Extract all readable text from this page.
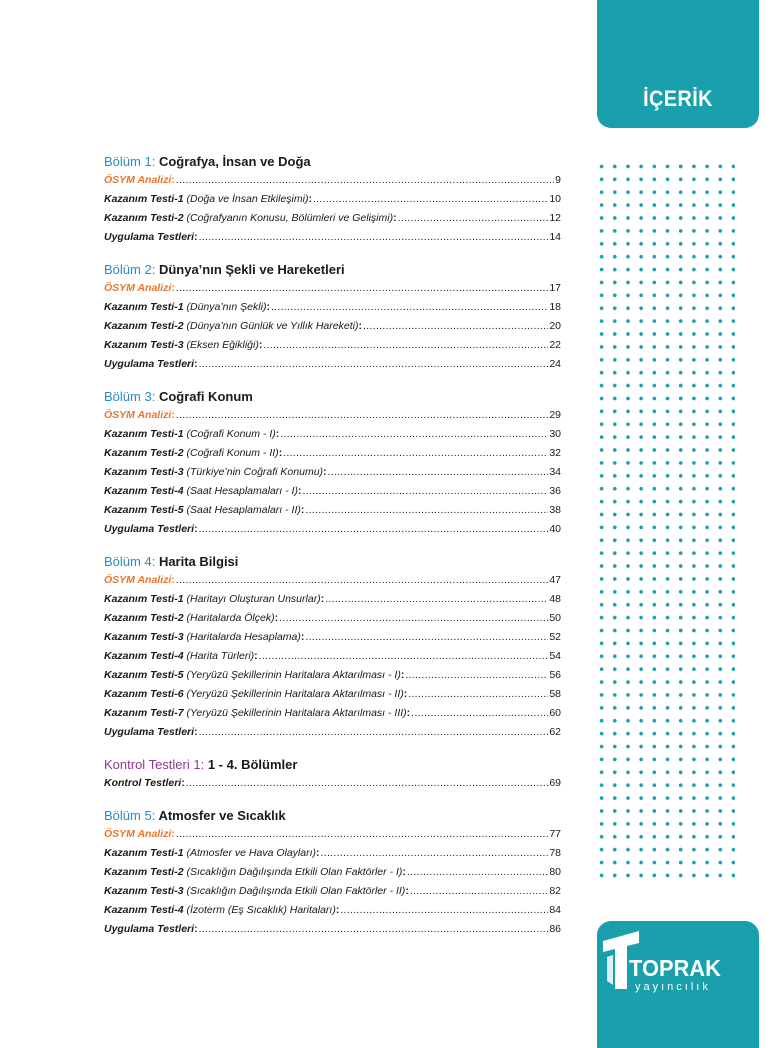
İÇERİK
TOPRAK
yayıncılık
Bölüm 1: Coğrafya, İnsan ve Doğa
ÖSYM Analizi : .....	9
Kazanım Testi-1
(Doğa ve İnsan Etkileşimi) : .....	10
Kazanım Testi-2
(Coğrafyanın Konusu, Bölümleri ve Gelişimi) : .....	12
Uygulama Testleri : .....	14
Bölüm 2: Dünya’nın Şekli ve Hareketleri
ÖSYM Analizi : .....	17
Kazanım Testi-1
(Dünya’nın Şekli) : .....	18
Kazanım Testi-2
(Dünya’nın Günlük ve Yıllık Hareketi) : .....	20
Kazanım Testi-3
(Eksen Eğikliği) : .....	22
Uygulama Testleri : .....	24
Bölüm 3: Coğrafi Konum
ÖSYM Analizi : .....	29
Kazanım Testi-1
(Coğrafi Konum - I) : .....	30
Kazanım Testi-2
(Coğrafi Konum - II) : .....	32
Kazanım Testi-3
(Türkiye’nin Coğrafi Konumu) : .....	34
Kazanım Testi-4
(Saat Hesaplamaları - I) : .....	36
Kazanım Testi-5
(Saat Hesaplamaları - II) : .....	38
Uygulama Testleri : .....	40
Bölüm 4: Harita Bilgisi
ÖSYM Analizi : .....	47
Kazanım Testi-1
(Haritayı Oluşturan Unsurlar) : .....	48
Kazanım Testi-2
(Haritalarda Ölçek) : .....	50
Kazanım Testi-3
(Haritalarda Hesaplama) : .....	52
Kazanım Testi-4
(Harita Türleri) : .....	54
Kazanım Testi-5
(Yeryüzü Şekillerinin Haritalara Aktarılması - I) : .....	56
Kazanım Testi-6
(Yeryüzü Şekillerinin Haritalara Aktarılması - II) : .....	58
Kazanım Testi-7
(Yeryüzü Şekillerinin Haritalara Aktarılması - III) : .....	60
Uygulama Testleri : .....	62
Kontrol Testleri 1: 1 - 4. Bölümler
Kontrol Testleri : .....	69
Bölüm 5: Atmosfer ve Sıcaklık
ÖSYM Analizi : .....	77
Kazanım Testi-1
(Atmosfer ve Hava Olayları) : .....	78
Kazanım Testi-2
(Sıcaklığın Dağılışında Etkili Olan Faktörler - I) : .....	80
Kazanım Testi-3
(Sıcaklığın Dağılışında Etkili Olan Faktörler - II) : .....	82
Kazanım Testi-4
(İzoterm (Eş Sıcaklık) Haritaları) : .....	84
Uygulama Testleri : .....	86
